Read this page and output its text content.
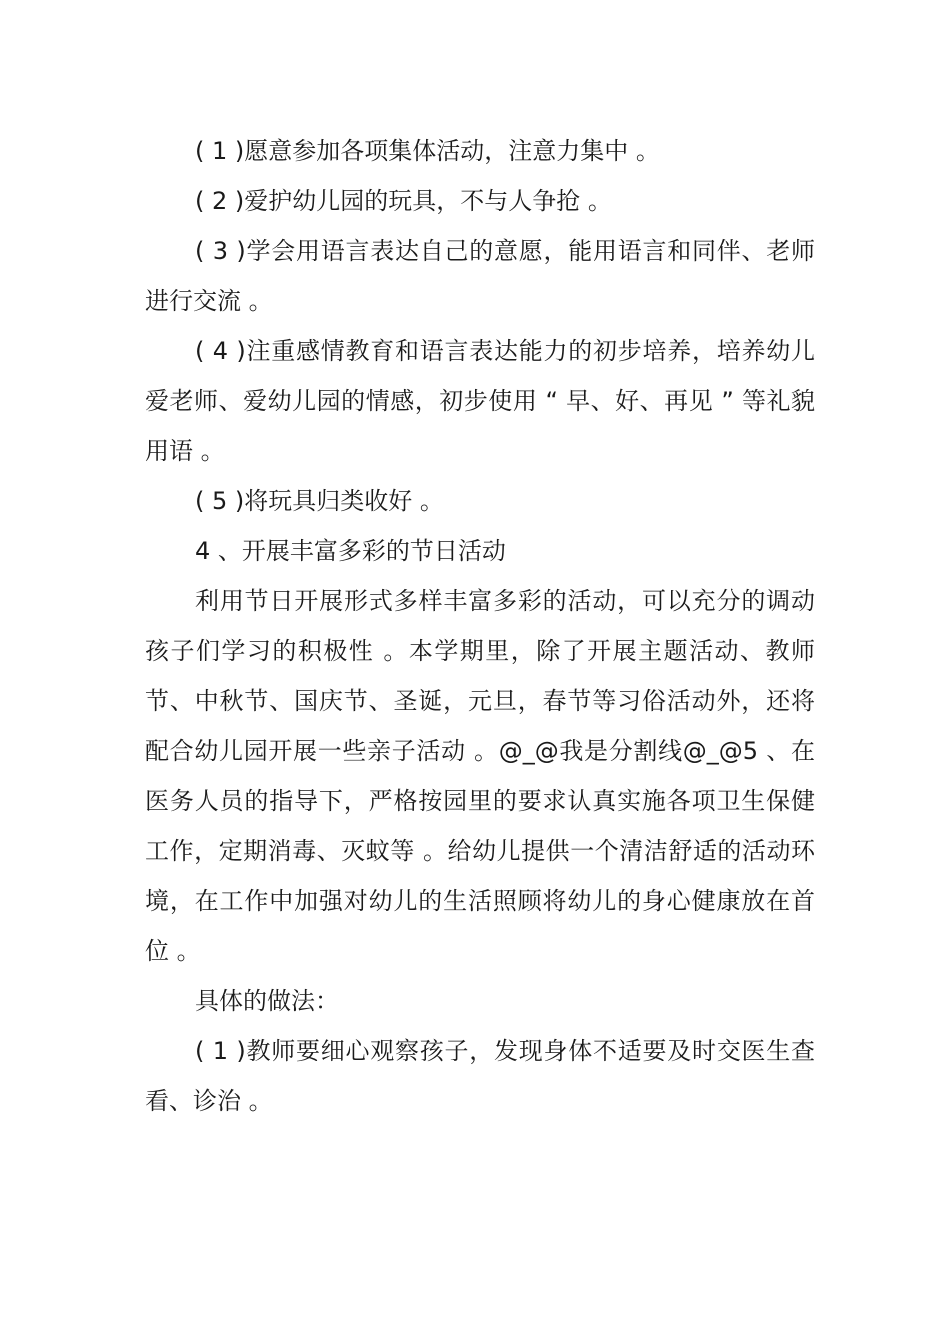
( 1 )愿意参加各项集体活动，注意力集中 。

( 2 )爱护幼儿园的玩具，不与人争抢 。

( 3 )学会用语言表达自己的意愿，能用语言和同伴、老师进行交流 。

( 4 )注重感情教育和语言表达能力的初步培养，培养幼儿爱老师、爱幼儿园的情感，初步使用 “ 早、好、再见 ” 等礼貌用语 。

( 5 )将玩具归类收好 。

4 、开展丰富多彩的节日活动

利用节日开展形式多样丰富多彩的活动，可以充分的调动孩子们学习的积极性 。本学期里，除了开展主题活动、教师节、中秋节、国庆节、圣诞，元旦，春节等习俗活动外，还将配合幼儿园开展一些亲子活动 。@_@我是分割线@_@5 、在医务人员的指导下，严格按园里的要求认真实施各项卫生保健工作，定期消毒、灭蚊等 。给幼儿提供一个清洁舒适的活动环境，在工作中加强对幼儿的生活照顾将幼儿的身心健康放在首位 。

具体的做法：

( 1 )教师要细心观察孩子，发现身体不适要及时交医生查看、诊治 。
